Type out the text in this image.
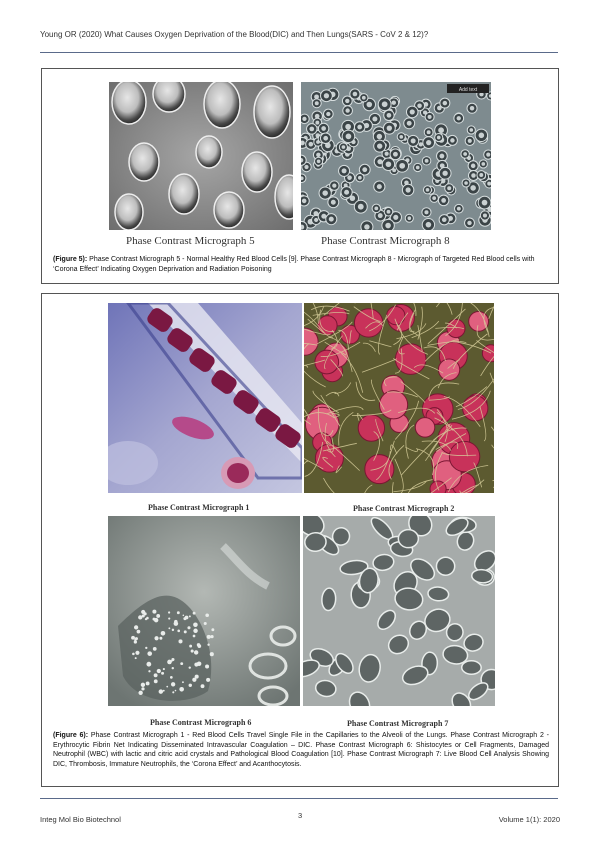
Young OR (2020) What Causes Oxygen Deprivation of the Blood(DIC) and Then Lungs(SARS - CoV 2 & 12)?
Add text
Phase Contrast Micrograph 5	Phase Contrast Micrograph 8
(Figure 5): Phase Contrast Micrograph 5 - Normal Healthy Red Blood Cells [9]. Phase Contrast Micrograph 8 - Micrograph of Targeted Red Blood cells with ‘Corona Effect’ Indicating Oxygen Deprivation and Radiation Poisoning
Phase Contrast Micrograph 1	Phase Contrast Micrograph 2
Phase Contrast Micrograph 6	Phase Contrast Micrograph 7
(Figure 6): Phase Contrast Micrograph 1 - Red Blood Cells Travel Single File in the Capillaries to the Alveoli of the Lungs. Phase Contrast Micrograph 2 - Erythrocytic Fibrin Net Indicating Disseminated Intravascular Coagulation – DIC. Phase Contrast Micrograph 6: Shistocytes or Cell Fragments, Damaged Neutrophil (WBC) with lactic and citric acid crystals and Pathological Blood Coagulation [10]. Phase Contrast Micrograph 7: Live Blood Cell Analysis Showing DIC, Thrombosis, Immature Neutrophils, the ‘Corona Effect’ and Acanthocytosis.
Integ Mol Bio Biotechnol	3	Volume 1(1): 2020
